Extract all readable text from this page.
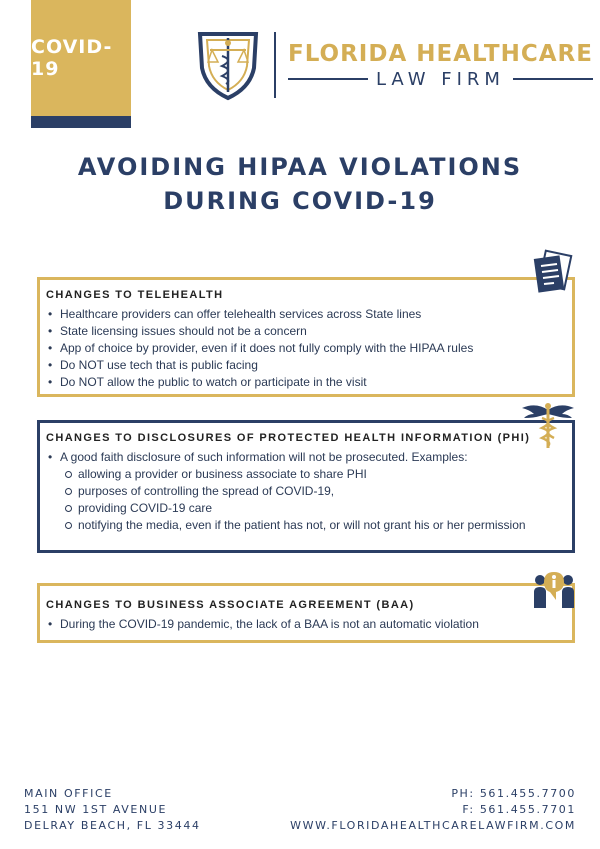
COVID-19
FLORIDA HEALTHCARE
LAW FIRM
AVOIDING HIPAA VIOLATIONS
DURING COVID-19
CHANGES TO TELEHEALTH
• Healthcare providers can offer telehealth services across State lines
• State licensing issues should not be a concern
• App of choice by provider, even if it does not fully comply with the HIPAA rules
• Do NOT use tech that is public facing
• Do NOT allow the public to watch or participate in the visit
CHANGES TO DISCLOSURES OF PROTECTED HEALTH INFORMATION (PHI)
• A good faith disclosure of such information will not be prosecuted. Examples:
allowing a provider or business associate to share PHI
purposes of controlling the spread of COVID-19,
providing COVID-19 care
notifying the media, even if the patient has not, or will not grant his or her permission
CHANGES TO BUSINESS ASSOCIATE AGREEMENT (BAA)
• During the COVID-19 pandemic, the lack of a BAA is not an automatic violation
MAIN OFFICE
151 NW 1ST AVENUE
DELRAY BEACH, FL 33444
PH: 561.455.7700
F: 561.455.7701
WWW.FLORIDAHEALTHCARELAWFIRM.COM
